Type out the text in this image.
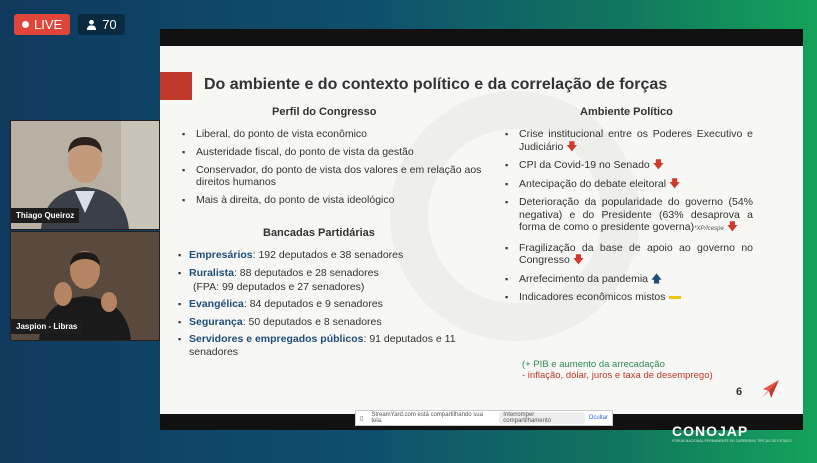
LIVE	70
Thiago Queiroz
Jaspion - Libras
Do ambiente e do contexto político e da correlação de forças
Perfil do Congresso
▪ Liberal, do ponto de vista econômico
▪ Austeridade fiscal, do ponto de vista da gestão
▪ Conservador, do ponto de vista dos valores e em relação aos direitos humanos
▪ Mais à direita, do ponto de vista ideológico
Bancadas Partidárias
▪ Empresários: 192 deputados e 38 senadores
▪ Ruralista: 88 deputados e 28 senadores
(FPA: 99 deputados e 27 senadores)
▪ Evangélica: 84 deputados e 9 senadores
▪ Segurança: 50 deputados e 8 senadores
▪ Servidores e empregados públicos: 91 deputados e 11 senadores
Ambiente Político
▪ Crise institucional entre os Poderes Executivo e Judiciário 🡇
▪ CPI da Covid-19 no Senado 🡇
▪ Antecipação do debate eleitoral 🡇
▪ Deterioração da popularidade do governo (54% negativa) e do Presidente (63% desaprova a forma de como o presidente governa)*XP/Icespe 🡇
▪ Fragilização da base de apoio ao governo no Congresso 🡇
▪ Arrefecimento da pandemia 🡅
▪ Indicadores econômicos mistos
(+ PIB e aumento da arrecadação
- inflação, dólar, juros e taxa de desemprego)
6
▯
StreamYard.com está compartilhando sua tela.
Interromper compartilhamento	Ocultar
CONOJAP
FÓRUM NACIONAL PERMANENTE DE CARREIRAS TÍPICAS DE ESTADO
